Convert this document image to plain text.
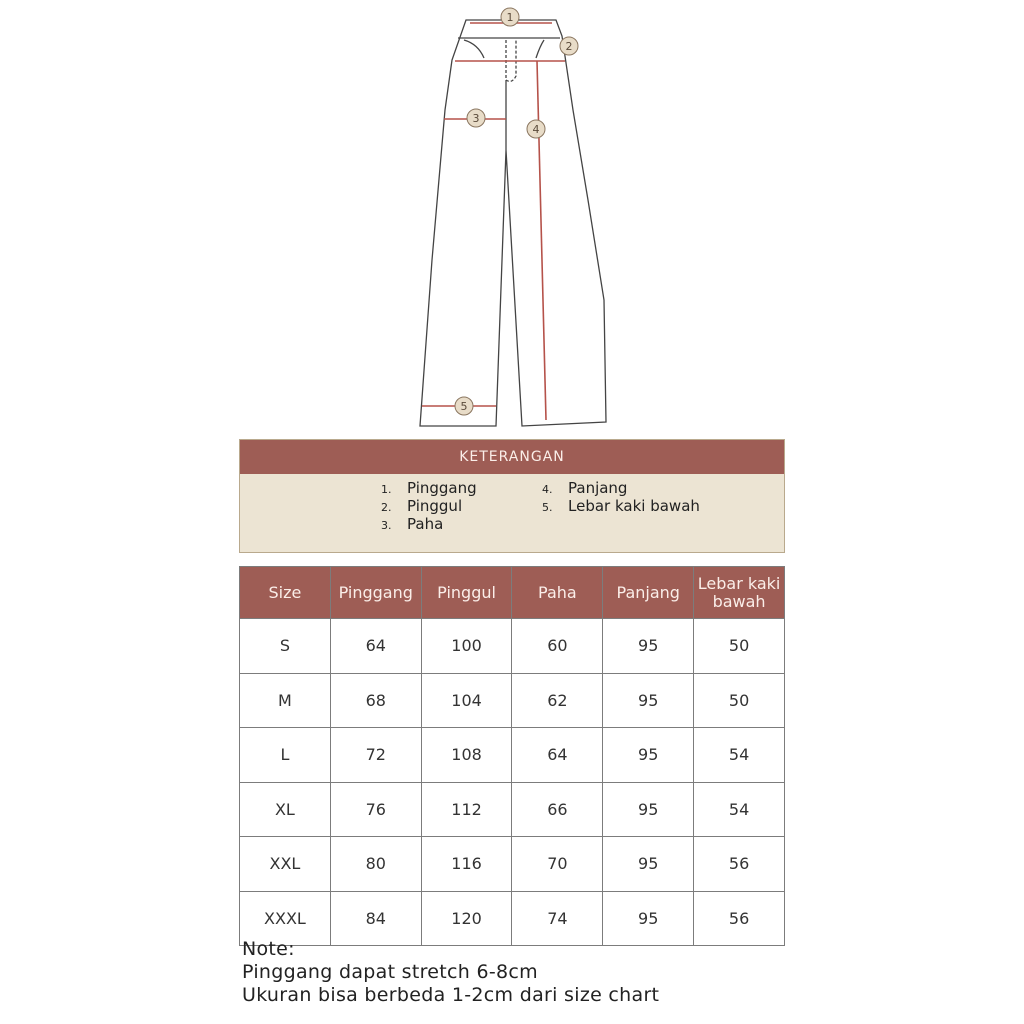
1
2
3
4
5
KETERANGAN
1.	Pinggang
2.	Pinggul
3.	Paha
4.	Panjang
5.	Lebar kaki bawah
Size	Pinggang	Pinggul	Paha	Panjang	Lebar kaki bawah
S	64	100	60	95	50
M	68	104	62	95	50
L	72	108	64	95	54
XL	76	112	66	95	54
XXL	80	116	70	95	56
XXXL	84	120	74	95	56
Note:
Pinggang dapat stretch 6-8cm
Ukuran bisa berbeda 1-2cm dari size chart
